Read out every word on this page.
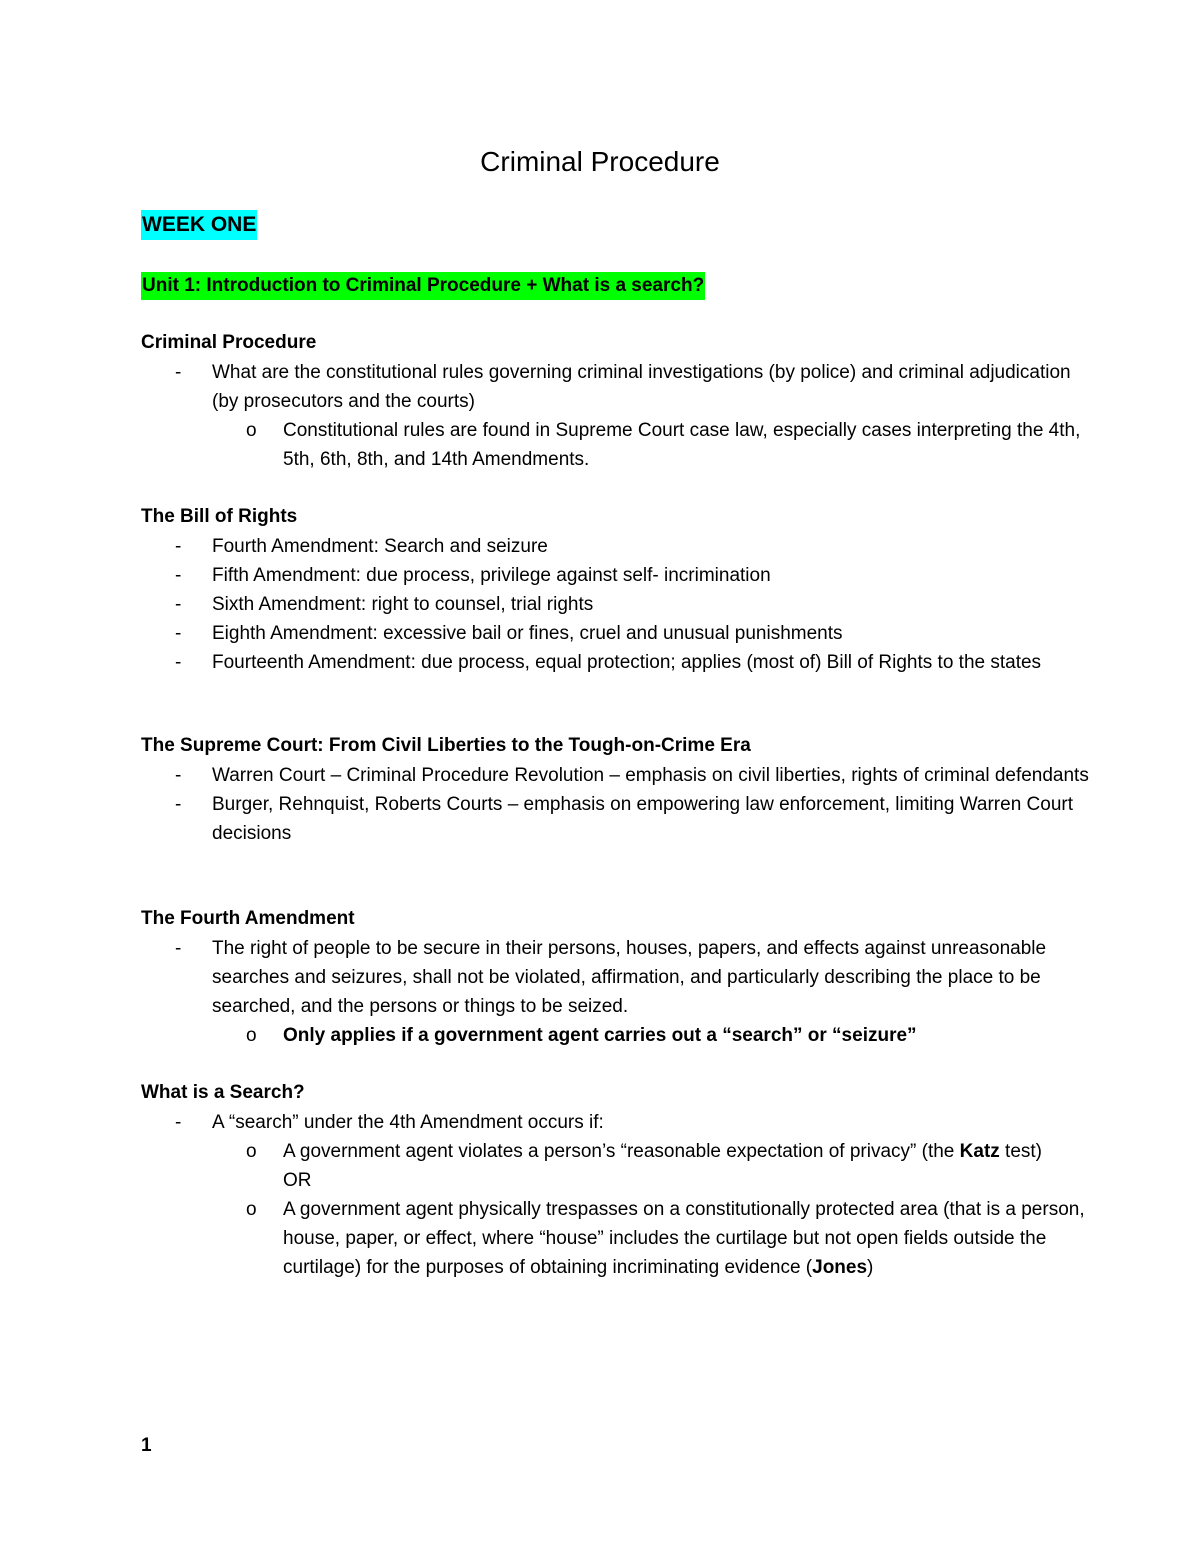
Criminal Procedure
WEEK ONE
Unit 1: Introduction to Criminal Procedure + What is a search?
Criminal Procedure
- What are the constitutional rules governing criminal investigations (by police) and criminal adjudication (by prosecutors and the courts)
o Constitutional rules are found in Supreme Court case law, especially cases interpreting the 4th, 5th, 6th, 8th, and 14th Amendments.
The Bill of Rights
- Fourth Amendment: Search and seizure
- Fifth Amendment: due process, privilege against self- incrimination
- Sixth Amendment: right to counsel, trial rights
- Eighth Amendment: excessive bail or fines, cruel and unusual punishments
- Fourteenth Amendment: due process, equal protection; applies (most of) Bill of Rights to the states
The Supreme Court: From Civil Liberties to the Tough-on-Crime Era
- Warren Court – Criminal Procedure Revolution – emphasis on civil liberties, rights of criminal defendants
- Burger, Rehnquist, Roberts Courts – emphasis on empowering law enforcement, limiting Warren Court decisions
The Fourth Amendment
- The right of people to be secure in their persons, houses, papers, and effects against unreasonable searches and seizures, shall not be violated, affirmation, and particularly describing the place to be searched, and the persons or things to be seized.
o Only applies if a government agent carries out a “search” or “seizure”
What is a Search?
- A “search” under the 4th Amendment occurs if:
o A government agent violates a person’s “reasonable expectation of privacy” (the Katz test)
OR
o A government agent physically trespasses on a constitutionally protected area (that is a person, house, paper, or effect, where “house” includes the curtilage but not open fields outside the curtilage) for the purposes of obtaining incriminating evidence (Jones)
1
